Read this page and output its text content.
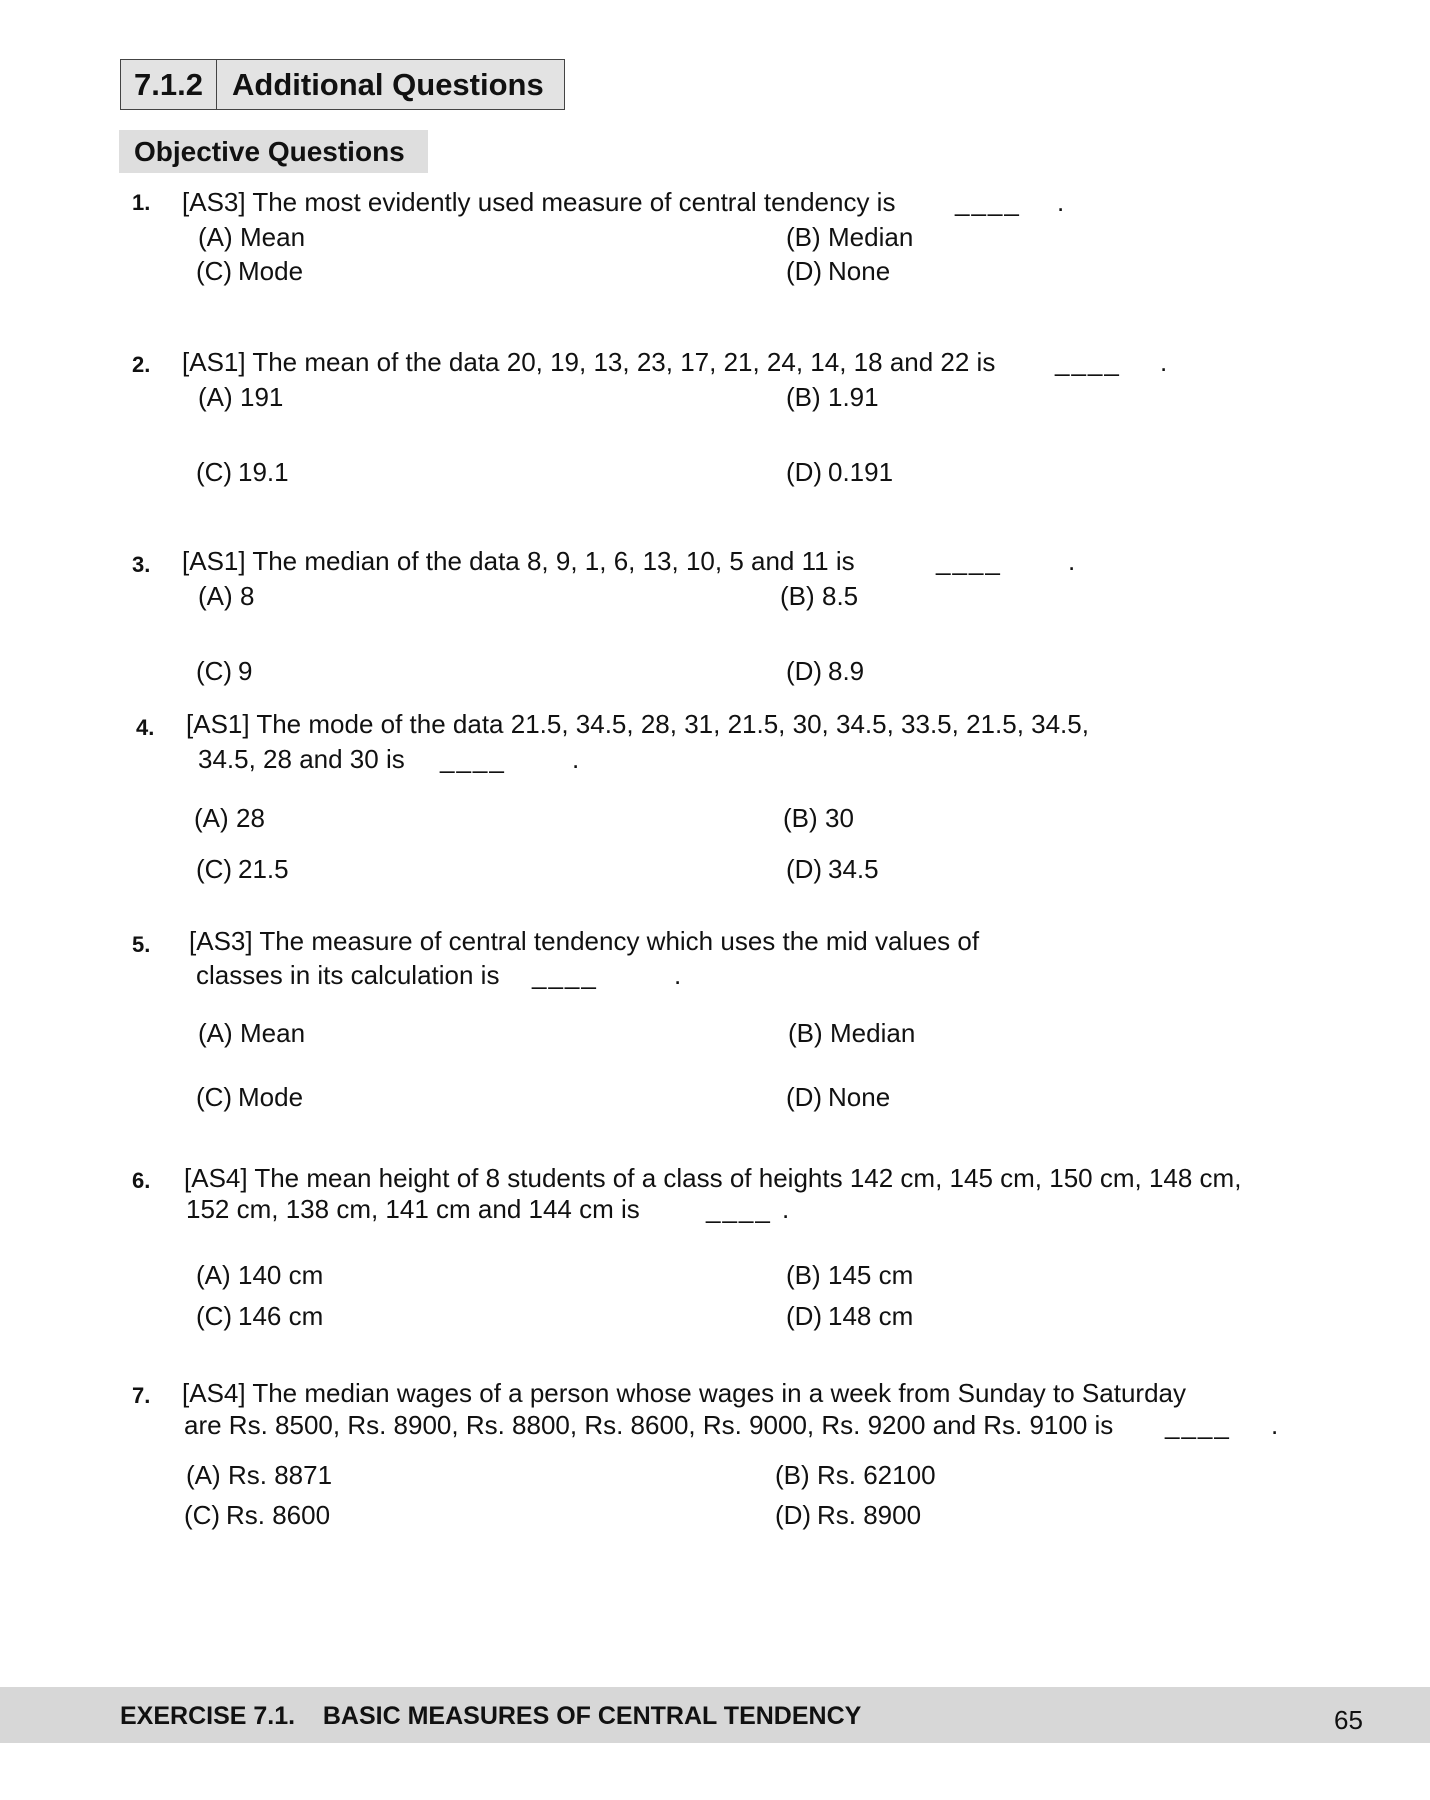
7.1.2 Additional Questions
Objective Questions
1. [AS3] The most evidently used measure of central tendency is ____ .
(A) Mean	(B) Median
(C) Mode	(D) None
2. [AS1] The mean of the data 20, 19, 13, 23, 17, 21, 24, 14, 18 and 22 is ____ .
(A) 191	(B) 1.91
(C) 19.1	(D) 0.191
3. [AS1] The median of the data 8, 9, 1, 6, 13, 10, 5 and 11 is	____	.
(A) 8	(B) 8.5
(C) 9	(D) 8.9
4. [AS1] The mode of the data 21.5, 34.5, 28, 31, 21.5, 30, 34.5, 33.5, 21.5, 34.5,
34.5, 28 and 30 is ____	.
(A) 28	(B) 30
(C) 21.5	(D) 34.5
5. [AS3] The measure of central tendency which uses the mid values of
classes in its calculation is ____	.
(A) Mean	(B) Median
(C) Mode	(D) None
6. [AS4] The mean height of 8 students of a class of heights 142 cm, 145 cm, 150 cm, 148 cm,
152 cm, 138 cm, 141 cm and 144 cm is	____ .
(A) 140 cm	(B) 145 cm
(C) 146 cm	(D) 148 cm
7. [AS4] The median wages of a person whose wages in a week from Sunday to Saturday
are Rs. 8500, Rs. 8900, Rs. 8800, Rs. 8600, Rs. 9000, Rs. 9200 and Rs. 9100 is ____ .
(A) Rs. 8871	(B) Rs. 62100
(C) Rs. 8600	(D) Rs. 8900
EXERCISE 7.1.    BASIC MEASURES OF CENTRAL TENDENCY	65
